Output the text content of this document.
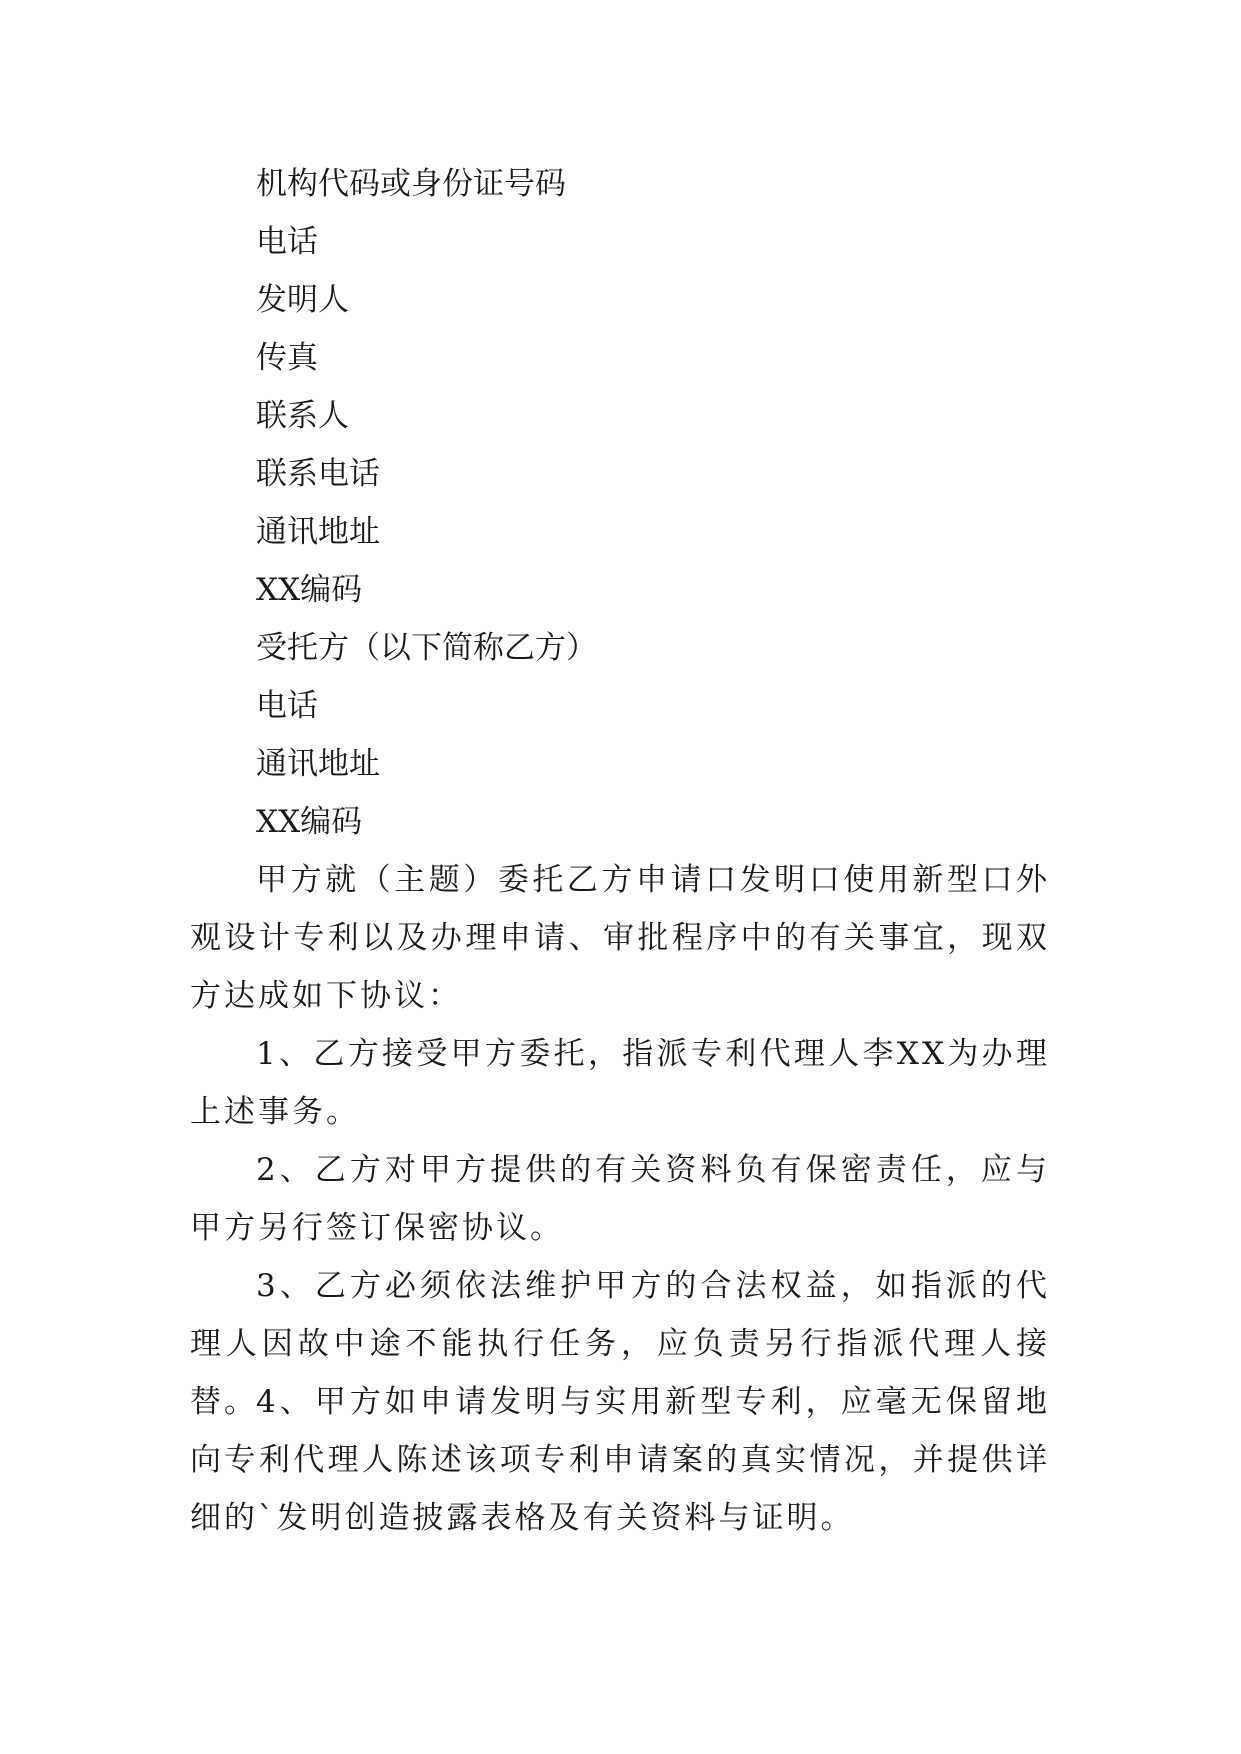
机构代码或身份证号码
电话
发明人
传真
联系人
联系电话
通讯地址
XX编码
受托方（以下简称乙方）
电话
通讯地址
XX编码

甲方就（主题）委托乙方申请口发明口使用新型口外观设计专利以及办理申请、审批程序中的有关事宜，现双方达成如下协议：

1、乙方接受甲方委托，指派专利代理人李XX为办理上述事务。

2、乙方对甲方提供的有关资料负有保密责任，应与甲方另行签订保密协议。

3、乙方必须依法维护甲方的合法权益，如指派的代理人因故中途不能执行任务，应负责另行指派代理人接替。

4、甲方如申请发明与实用新型专利，应毫无保留地向专利代理人陈述该项专利申请案的真实情况，并提供详细的`发明创造披露表格及有关资料与证明。
